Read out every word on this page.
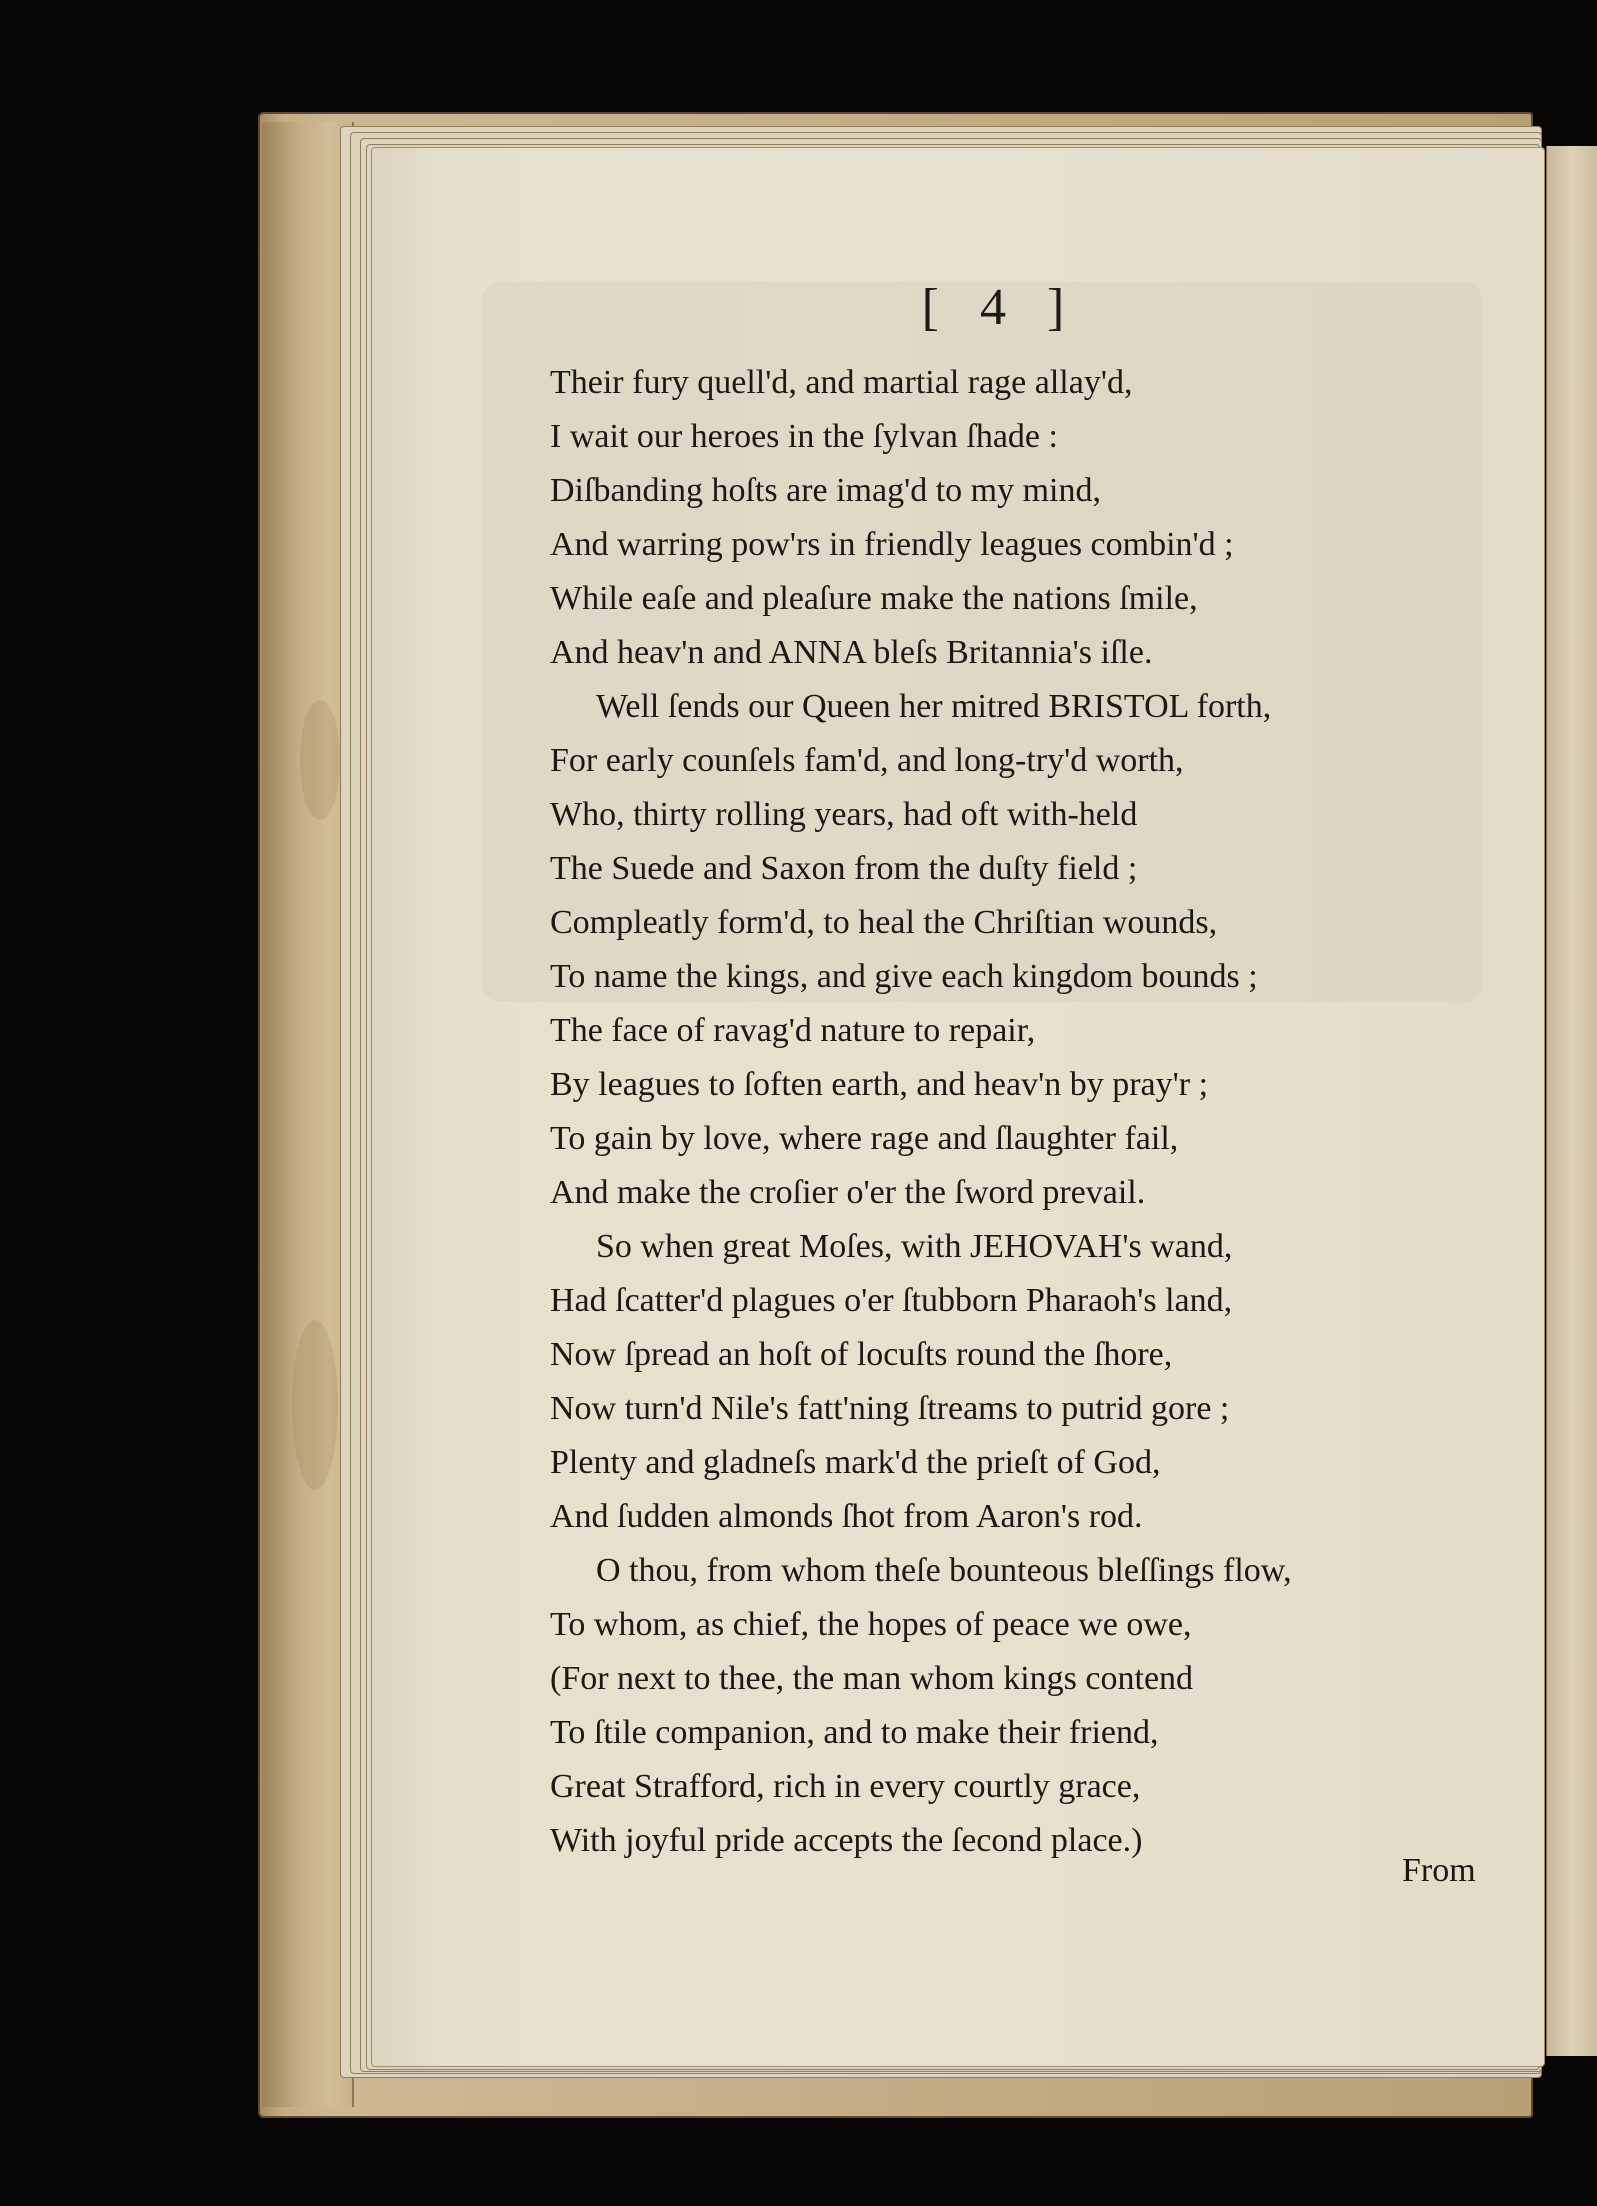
[ 4 ]
Their fury quell'd, and martial rage allay'd,
I wait our heroes in the ſylvan ſhade :
Diſbanding hoſts are imag'd to my mind,
And warring pow'rs in friendly leagues combin'd ;
While eaſe and pleaſure make the nations ſmile,
And heav'n and ANNA bleſs Britannia's iſle.
Well ſends our Queen her mitred BRISTOL forth,
For early counſels fam'd, and long-try'd worth,
Who, thirty rolling years, had oft with-held
The Suede and Saxon from the duſty field ;
Compleatly form'd, to heal the Chriſtian wounds,
To name the kings, and give each kingdom bounds ;
The face of ravag'd nature to repair,
By leagues to ſoften earth, and heav'n by pray'r ;
To gain by love, where rage and ſlaughter fail,
And make the croſier o'er the ſword prevail.
So when great Moſes, with JEHOVAH's wand,
Had ſcatter'd plagues o'er ſtubborn Pharaoh's land,
Now ſpread an hoſt of locuſts round the ſhore,
Now turn'd Nile's fatt'ning ſtreams to putrid gore ;
Plenty and gladneſs mark'd the prieſt of God,
And ſudden almonds ſhot from Aaron's rod.
O thou, from whom theſe bounteous bleſſings flow,
To whom, as chief, the hopes of peace we owe,
(For next to thee, the man whom kings contend
To ſtile companion, and to make their friend,
Great Strafford, rich in every courtly grace,
With joyful pride accepts the ſecond place.)
From
